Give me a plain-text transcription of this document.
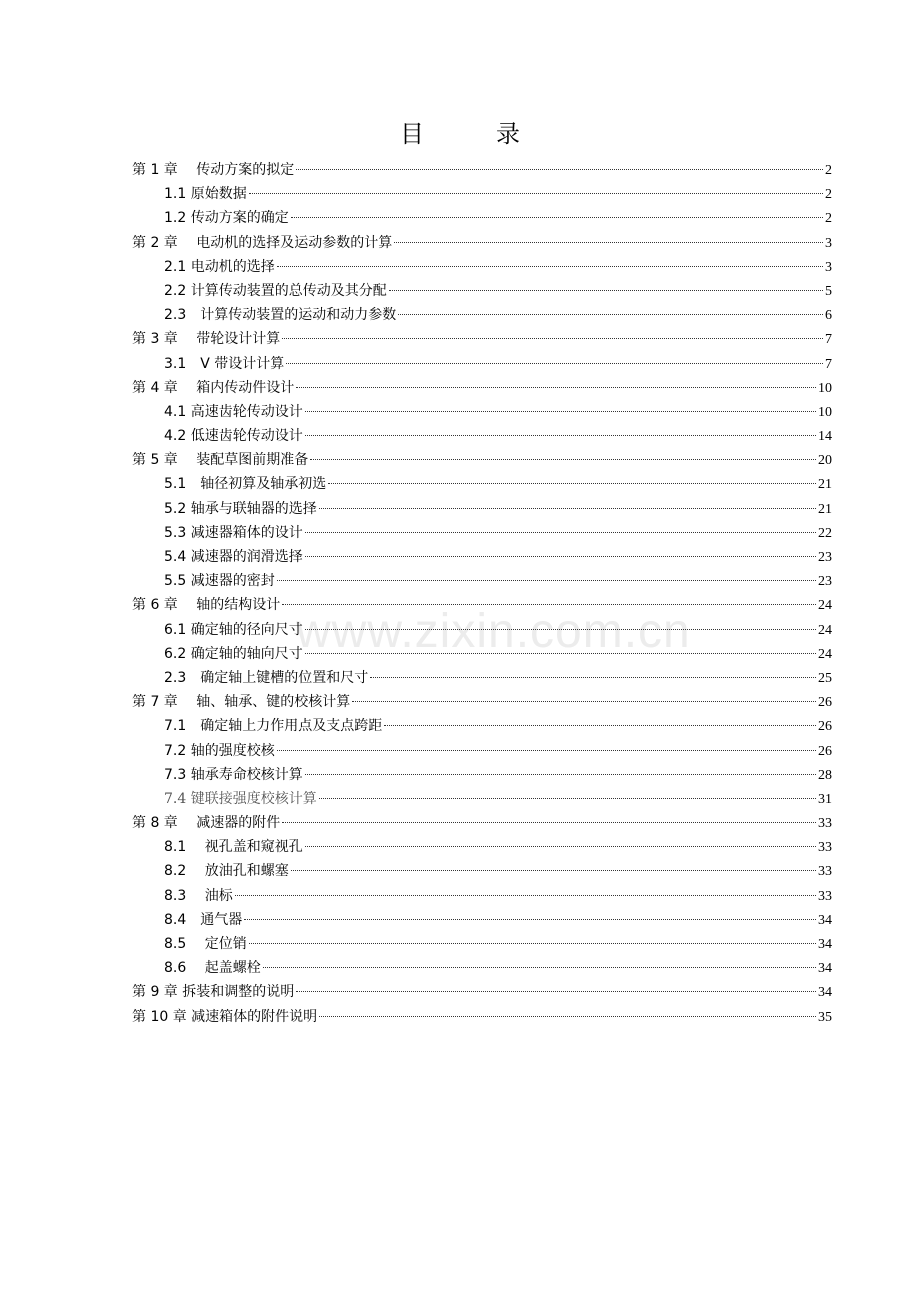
www.zixin.com.cn
目　录
第 1 章　 传动方案的拟定	2
1.1 原始数据	2
1.2 传动方案的确定	2
第 2 章　 电动机的选择及运动参数的计算	3
2.1 电动机的选择	3
2.2 计算传动装置的总传动及其分配	5
2.3　计算传动装置的运动和动力参数	6
第 3 章　 带轮设计计算	7
3.1　V 带设计计算	7
第 4 章　 箱内传动件设计	10
4.1 高速齿轮传动设计	10
4.2 低速齿轮传动设计	14
第 5 章　 装配草图前期准备	20
5.1　轴径初算及轴承初选	21
5.2 轴承与联轴器的选择	21
5.3 减速器箱体的设计	22
5.4 减速器的润滑选择	23
5.5 减速器的密封	23
第 6 章　 轴的结构设计	24
6.1 确定轴的径向尺寸	24
6.2 确定轴的轴向尺寸	24
2.3　确定轴上键槽的位置和尺寸	25
第 7 章　 轴、轴承、键的校核计算	26
7.1　确定轴上力作用点及支点跨距	26
7.2 轴的强度校核	26
7.3 轴承寿命校核计算	28
7.4 键联接强度校核计算	31
第 8 章　 减速器的附件	33
8.1　 视孔盖和窥视孔	33
8.2　 放油孔和螺塞	33
8.3　 油标	33
8.4　通气器	34
8.5　 定位销	34
8.6　 起盖螺栓	34
第 9 章 拆装和调整的说明	34
第 10 章 减速箱体的附件说明	35
